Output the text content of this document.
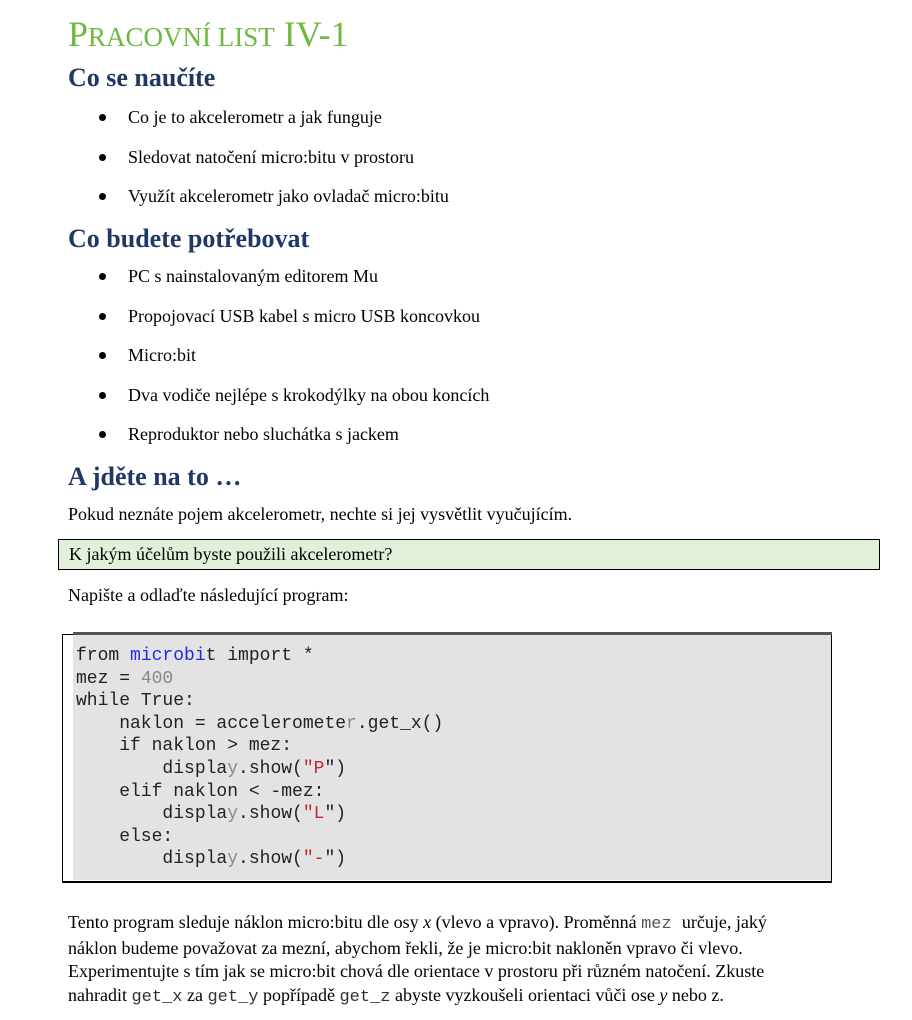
PRACOVNÍ LIST IV-1
Co se naučíte
Co je to akcelerometr a jak funguje
Sledovat natočení micro:bitu v prostoru
Využít akcelerometr jako ovladač micro:bitu
Co budete potřebovat
PC s nainstalovaným editorem Mu
Propojovací USB kabel s micro USB koncovkou
Micro:bit
Dva vodiče nejlépe s krokodýlky na obou koncích
Reproduktor nebo sluchátka s jackem
A jděte na to …

Pokud neznáte pojem akcelerometr, nechte si jej vysvětlit vyučujícím.

K jakým účelům byste použili akcelerometr?

Napište a odlaďte následující program:

from microbit import *
mez = 400
while True:
naklon = accelerometer.get_x()
if naklon > mez:
display.show("P")
elif naklon < -mez:
display.show("L")
else:
display.show("-")
Tento program sleduje náklon micro:bitu dle osy x (vlevo a vpravo). Proměnná mez určuje, jaký
náklon budeme považovat za mezní, abychom řekli, že je micro:bit nakloněn vpravo či vlevo.
Experimentujte s tím jak se micro:bit chová dle orientace v prostoru při různém natočení. Zkuste
nahradit get_x za get_y popřípadě get_z abyste vyzkoušeli orientaci vůči ose y nebo z.
